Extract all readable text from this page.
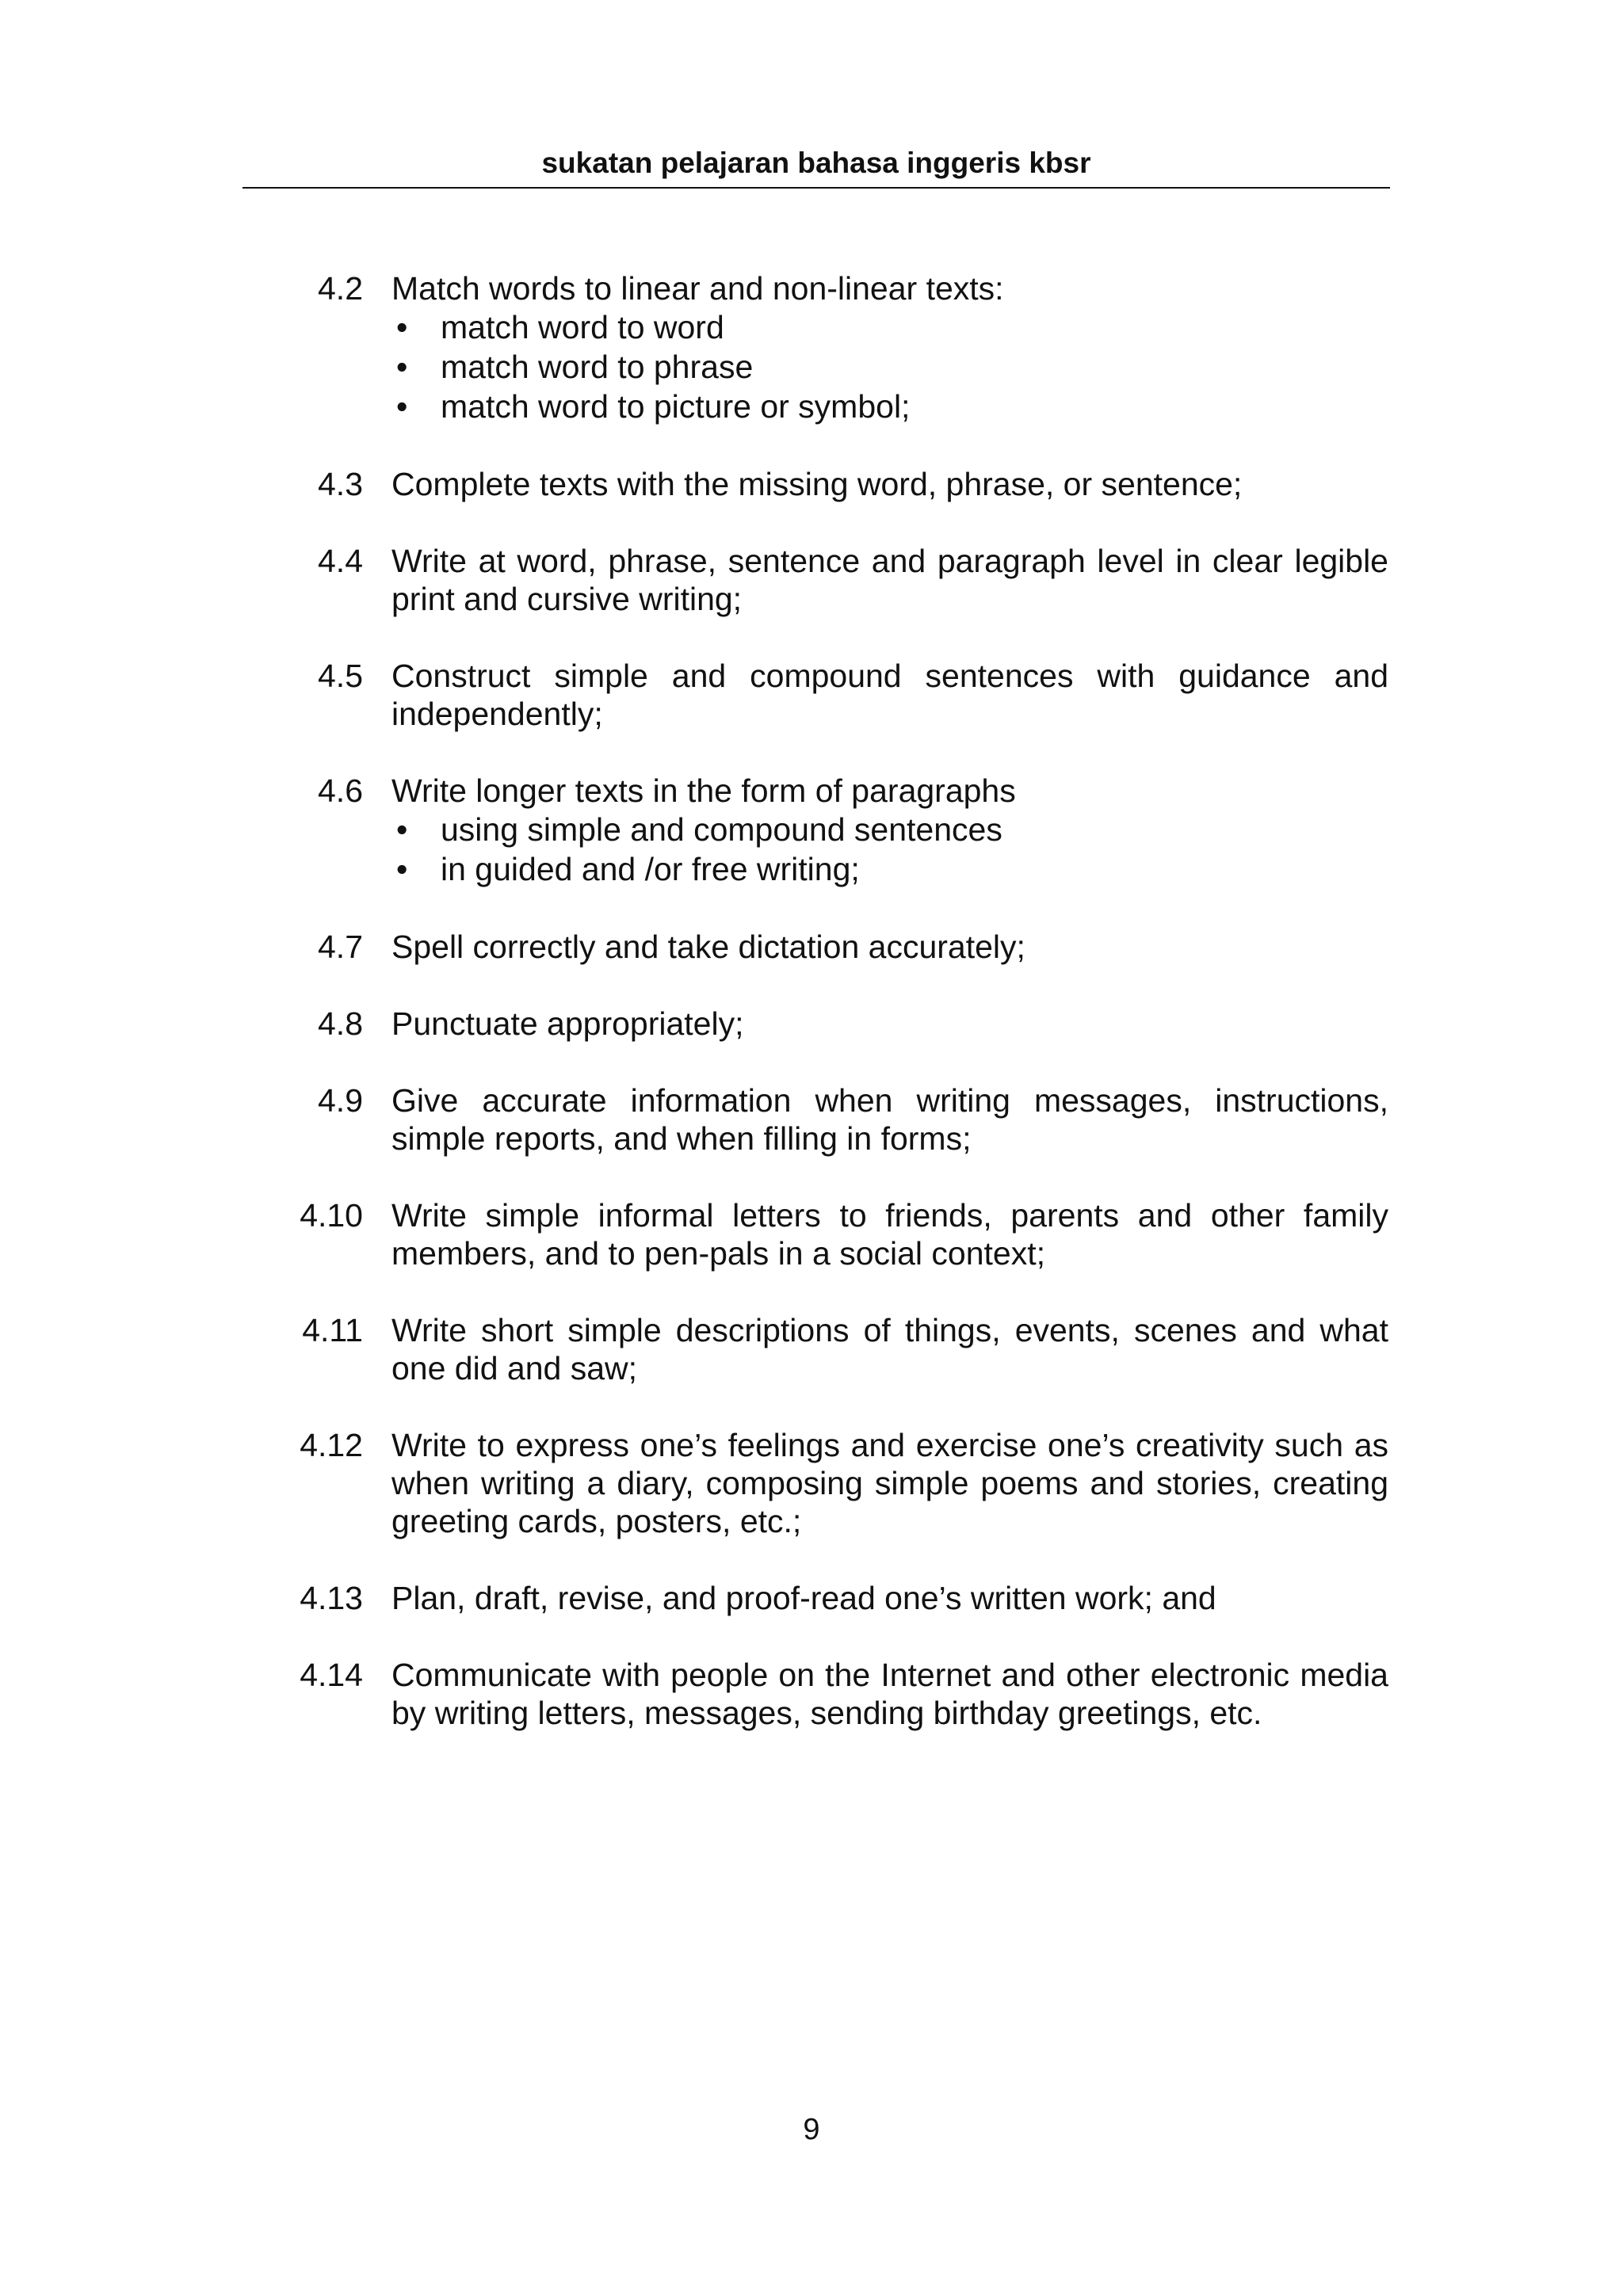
sukatan pelajaran bahasa inggeris kbsr
4.2 Match words to linear and non-linear texts:
•	match word to word
•	match word to phrase
•	match word to picture or symbol;
4.3 Complete texts with the missing word, phrase, or sentence;
4.4 Write at word, phrase, sentence and paragraph level in clear legible print and cursive writing;
4.5 Construct simple and compound sentences with guidance and independently;
4.6 Write longer texts in the form of paragraphs
•	using simple and compound sentences
•	in guided and /or free writing;
4.7 Spell correctly and take dictation accurately;
4.8 Punctuate appropriately;
4.9 Give accurate information when writing messages, instructions, simple reports, and when filling in forms;
4.10 Write simple informal letters to friends, parents and other family members, and to pen-pals in a social context;
4.11 Write short simple descriptions of things, events, scenes and what one did and saw;
4.12 Write to express one’s feelings and exercise one’s creativity such as when writing a diary, composing simple poems and stories, creating greeting cards, posters, etc.;
4.13 Plan, draft, revise, and proof-read one’s written work; and
4.14 Communicate with people on the Internet and other electronic media by writing letters, messages, sending birthday greetings, etc.
9
